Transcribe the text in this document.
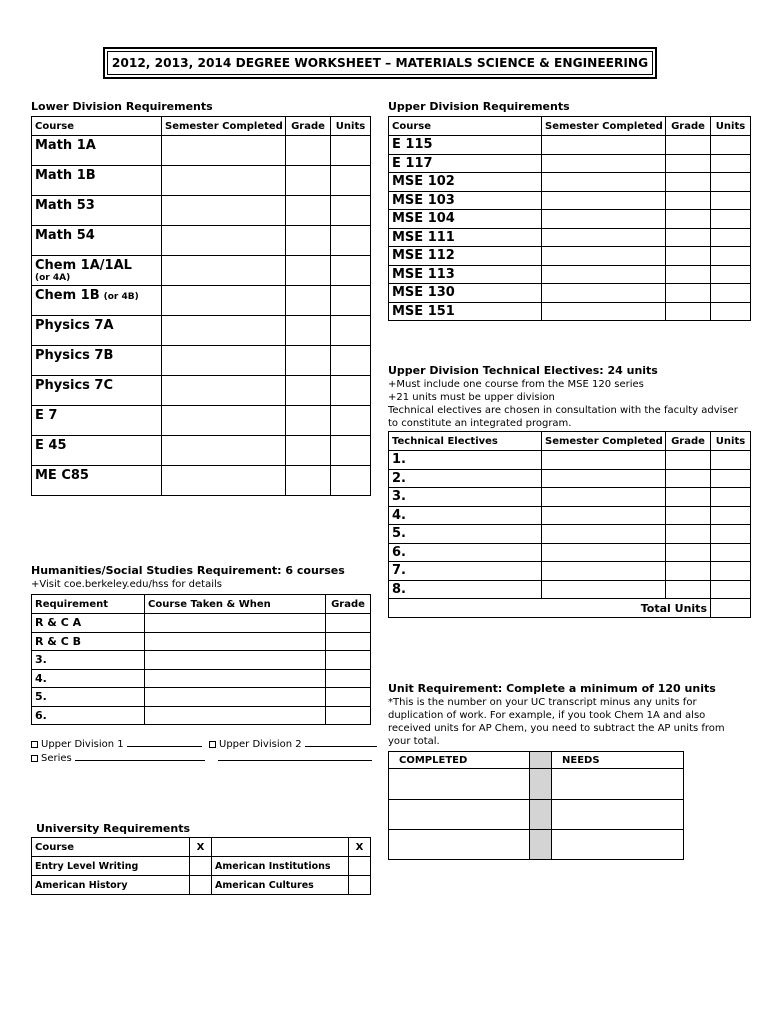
2012, 2013, 2014 DEGREE WORKSHEET – MATERIALS SCIENCE & ENGINEERING
Lower Division Requirements
Course	Semester Completed	Grade	Units
Math 1A			
Math 1B			
Math 53			
Math 54			
Chem 1A/1AL
(or 4A)			

Chem 1B (or 4B)			
Physics 7A			
Physics 7B			
Physics 7C			
E 7			
E 45			
ME C85			
Upper Division Requirements
Course	Semester Completed	Grade	Units
E 115			
E 117			
MSE 102			
MSE 103			
MSE 104			
MSE 111			
MSE 112			
MSE 113			
MSE 130			
MSE 151			
Upper Division Technical Electives: 24 units
+Must include one course from the MSE 120 series
+21 units must be upper division
Technical electives are chosen in consultation with the faculty adviser
to constitute an integrated program.
Technical Electives	Semester Completed	Grade	Units
1.			
2.			
3.			
4.			
5.			
6.			
7.			
8.			
Total Units			
Humanities/Social Studies Requirement: 6 courses
+Visit coe.berkeley.edu/hss for details
Requirement	Course Taken & When	Grade
R & C A		
R & C B		
3.		
4.		
5.		
6.		
Upper Division 1	Upper Division 2
Series
Unit Requirement: Complete a minimum of 120 units
*This is the number on your UC transcript minus any units for
duplication of work. For example, if you took Chem 1A and also
received units for AP Chem, you need to subtract the AP units from
your total.
COMPLETED		NEEDS

University Requirements
Course	X		X
Entry Level Writing		American Institutions	
American History		American Cultures	
